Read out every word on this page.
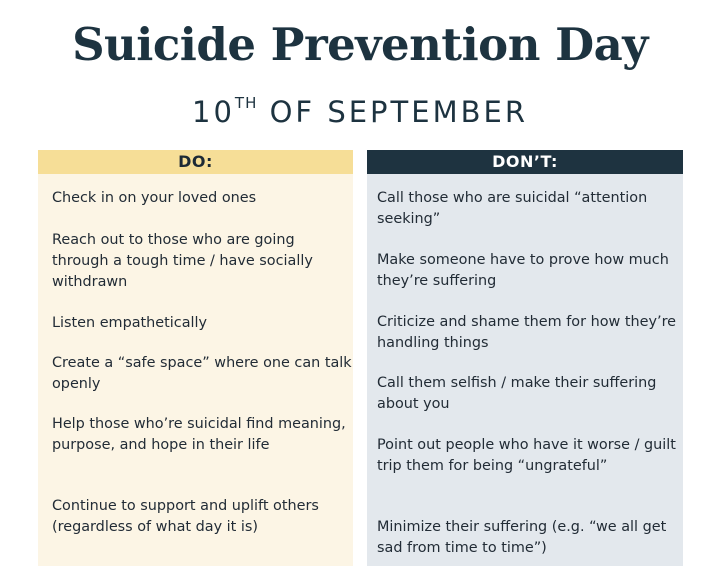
Suicide Prevention Day
10TH OF SEPTEMBER
DO:
Check in on your loved ones
Reach out to those who are going through a tough time / have socially withdrawn
Listen empathetically
Create a “safe space” where one can talk openly
Help those who’re suicidal find meaning, purpose, and hope in their life
Continue to support and uplift others (regardless of what day it is)
DON’T:
Call those who are suicidal “attention seeking”
Make someone have to prove how much they’re suffering
Criticize and shame them for how they’re handling things
Call them selfish / make their suffering about you
Point out people who have it worse / guilt trip them for being “ungrateful”
Minimize their suffering (e.g. “we all get sad from time to time”)
